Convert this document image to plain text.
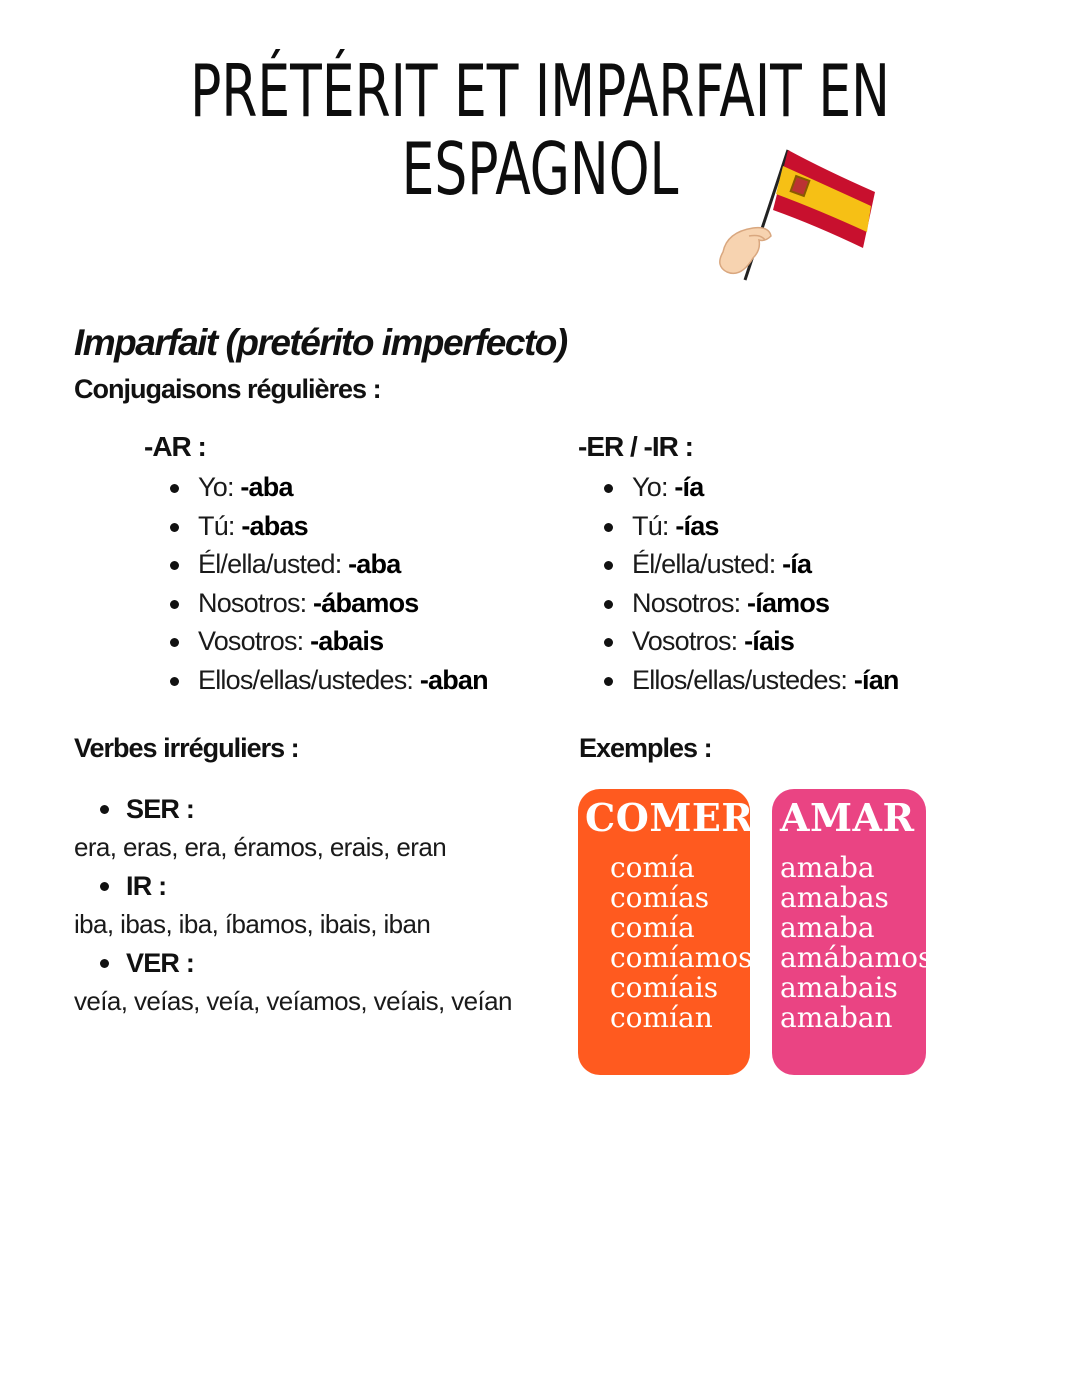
PRÉTÉRIT ET IMPARFAIT EN
ESPAGNOL
Imparfait (pretérito imperfecto)
Conjugaisons régulières :
-AR :
Yo: -aba
Tú: -abas
Él/ella/usted: -aba
Nosotros: -ábamos
Vosotros: -abais
Ellos/ellas/ustedes: -aban
-ER / -IR :
Yo: -ía
Tú: -ías
Él/ella/usted: -ía
Nosotros: -íamos
Vosotros: -íais
Ellos/ellas/ustedes: -ían
Verbes irréguliers :
SER :
era, eras, era, éramos, erais, eran
IR :
iba, ibas, iba, íbamos, ibais, iban
VER :
veía, veías, veía, veíamos, veíais, veían
Exemples :
COMER
comía
comías
comía
comíamos
comíais
comían
AMAR
amaba
amabas
amaba
amábamos
amabais
amaban
